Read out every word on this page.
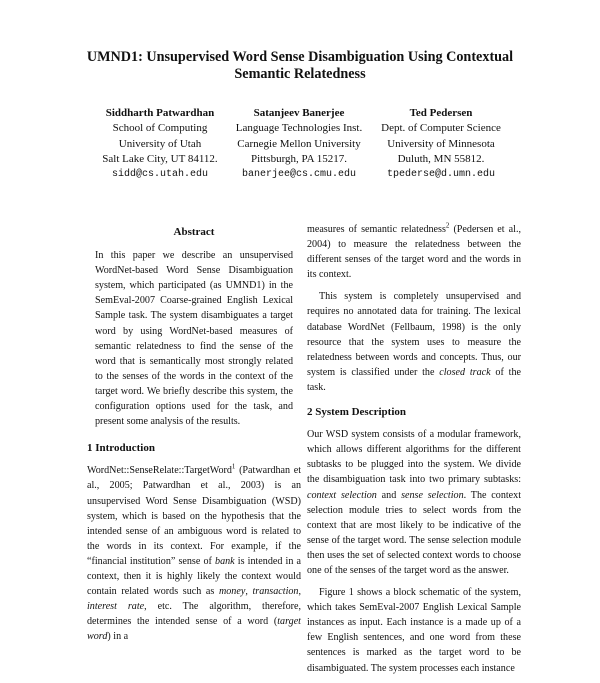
UMND1: Unsupervised Word Sense Disambiguation Using Contextual
Semantic Relatedness
Siddharth Patwardhan
School of Computing
University of Utah
Salt Lake City, UT 84112.
sidd@cs.utah.edu
Satanjeev Banerjee
Language Technologies Inst.
Carnegie Mellon University
Pittsburgh, PA 15217.
banerjee@cs.cmu.edu
Ted Pedersen
Dept. of Computer Science
University of Minnesota
Duluth, MN 55812.
tpederse@d.umn.edu
Abstract

In this paper we describe an unsupervised WordNet-based Word Sense Disambiguation system, which participated (as UMND1) in the SemEval-2007 Coarse-grained English Lexical Sample task. The system disambiguates a target word by using WordNet-based measures of semantic relatedness to find the sense of the word that is semantically most strongly related to the senses of the words in the context of the target word. We briefly describe this system, the configuration options used for the task, and present some analysis of the results.

1 Introduction

WordNet::SenseRelate::TargetWord$^1$ (Patwardhan et al., 2005; Patwardhan et al., 2003) is an unsupervised Word Sense Disambiguation (WSD) system, which is based on the hypothesis that the intended sense of an ambiguous word is related to the words in its context. For example, if the “financial institution” sense of bank is intended in a context, then it is highly likely the context would contain related words such as money, transaction, interest rate, etc. The algorithm, therefore, determines the intended sense of a word (target word) in a

measures of semantic relatedness$^2$ (Pedersen et al., 2004) to measure the relatedness between the different senses of the target word and the words in its context.

This system is completely unsupervised and requires no annotated data for training. The lexical database WordNet (Fellbaum, 1998) is the only resource that the system uses to measure the relatedness between words and concepts. Thus, our system is classified under the closed track of the task.

2 System Description

Our WSD system consists of a modular framework, which allows different algorithms for the different subtasks to be plugged into the system. We divide the disambiguation task into two primary subtasks: context selection and sense selection. The context selection module tries to select words from the context that are most likely to be indicative of the sense of the target word. The sense selection module then uses the set of selected context words to choose one of the senses of the target word as the answer.

Figure 1 shows a block schematic of the system, which takes SemEval-2007 English Lexical Sample instances as input. Each instance is a made up of a few English sentences, and one word from these sentences is marked as the target word to be disambiguated. The system processes each instance
